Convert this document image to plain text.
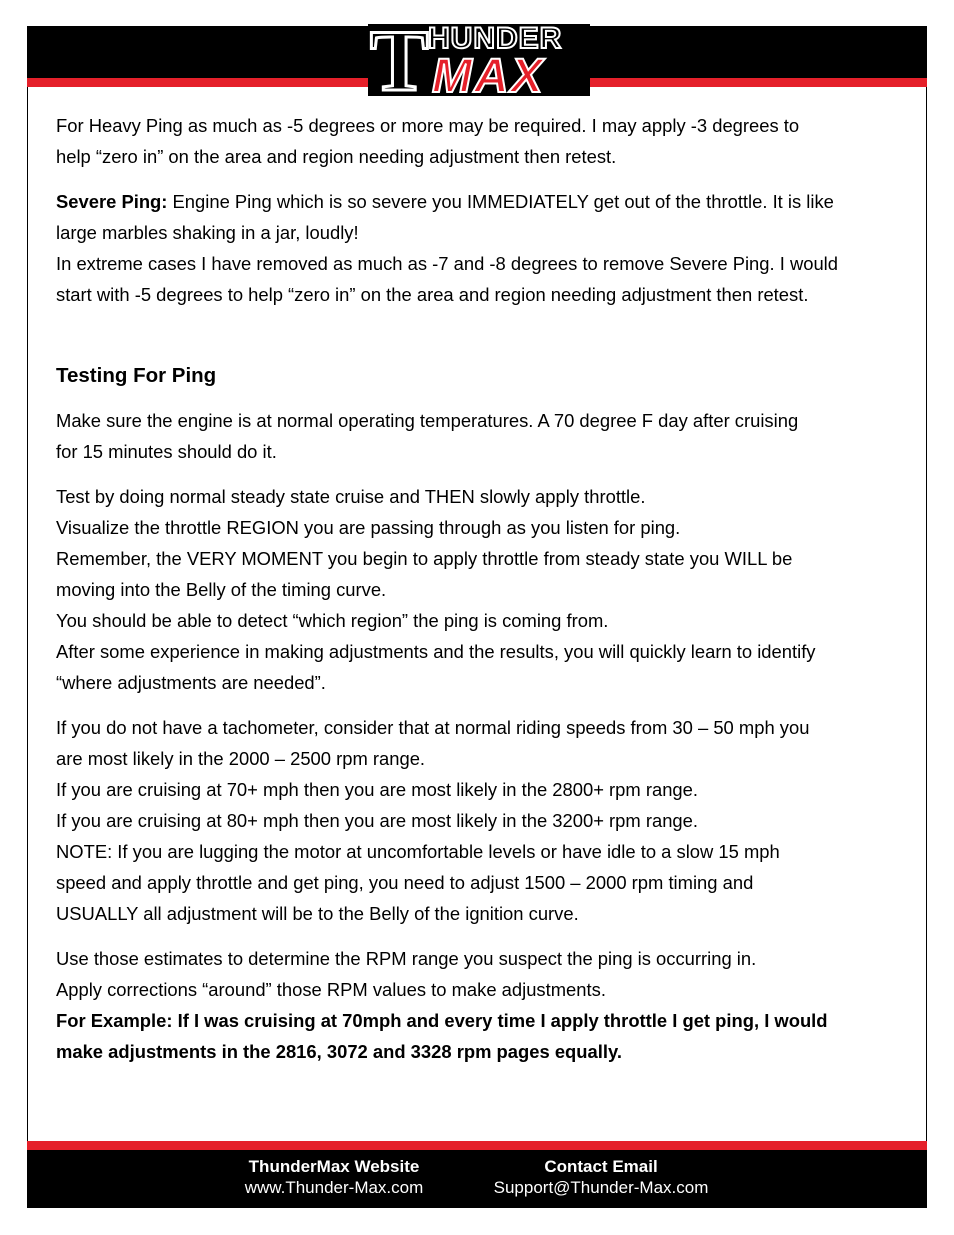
T HUNDER
MAX

For Heavy Ping as much as -5 degrees or more may be required. I may apply -3 degrees to
help “zero in” on the area and region needing adjustment then retest.

Severe Ping: Engine Ping which is so severe you IMMEDIATELY get out of the throttle. It is like
large marbles shaking in a jar, loudly!
In extreme cases I have removed as much as -7 and -8 degrees to remove Severe Ping. I would
start with -5 degrees to help “zero in” on the area and region needing adjustment then retest.

Testing For Ping

Make sure the engine is at normal operating temperatures. A 70 degree F day after cruising
for 15 minutes should do it.

Test by doing normal steady state cruise and THEN slowly apply throttle.
Visualize the throttle REGION you are passing through as you listen for ping.
Remember, the VERY MOMENT you begin to apply throttle from steady state you WILL be
moving into the Belly of the timing curve.
You should be able to detect “which region” the ping is coming from.
After some experience in making adjustments and the results, you will quickly learn to identify
“where adjustments are needed”.

If you do not have a tachometer, consider that at normal riding speeds from 30 – 50 mph you
are most likely in the 2000 – 2500 rpm range.
If you are cruising at 70+ mph then you are most likely in the 2800+ rpm range.
If you are cruising at 80+ mph then you are most likely in the 3200+ rpm range.
NOTE: If you are lugging the motor at uncomfortable levels or have idle to a slow 15 mph
speed and apply throttle and get ping, you need to adjust 1500 – 2000 rpm timing and
USUALLY all adjustment will be to the Belly of the ignition curve.

Use those estimates to determine the RPM range you suspect the ping is occurring in.
Apply corrections “around” those RPM values to make adjustments.
For Example: If I was cruising at 70mph and every time I apply throttle I get ping, I would
make adjustments in the 2816, 3072 and 3328 rpm pages equally.

ThunderMax Website
www.Thunder-Max.com
Contact Email
Support@Thunder-Max.com
